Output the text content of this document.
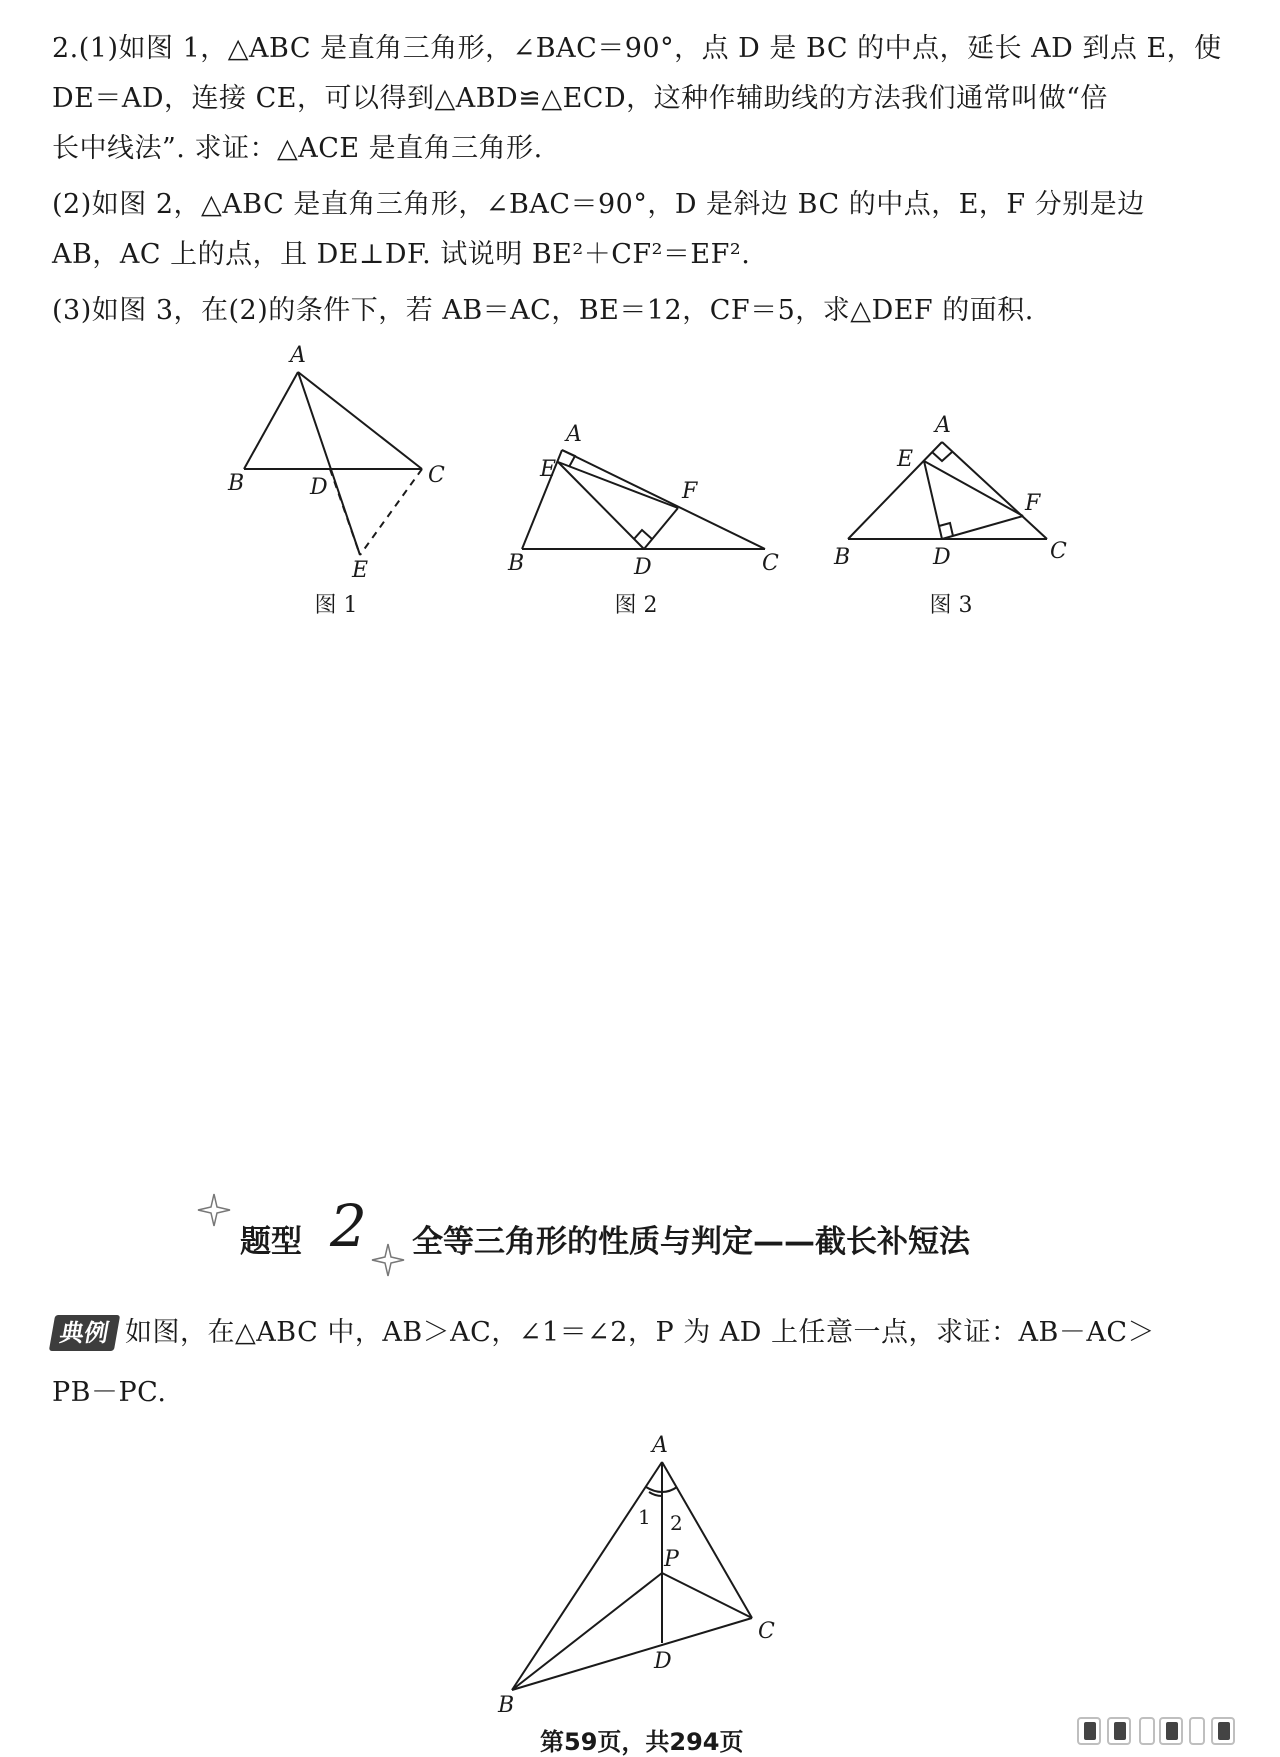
2.(1)如图 1，△ABC 是直角三角形，∠BAC＝90°，点 D 是 BC 的中点，延长 AD 到点 E，使
DE＝AD，连接 CE，可以得到△ABD≌△ECD，这种作辅助线的方法我们通常叫做“倍
长中线法”. 求证：△ACE 是直角三角形.
(2)如图 2，△ABC 是直角三角形，∠BAC＝90°，D 是斜边 BC 的中点，E，F 分别是边
AB，AC 上的点，且 DE⊥DF. 试说明 BE²＋CF²＝EF².
(3)如图 3，在(2)的条件下，若 AB＝AC，BE＝12，CF＝5，求△DEF 的面积.
A
B	C
D
E
图 1
A
E
F
B	D	C
图 2
A
E
F
B	D	C
图 3
题型 2 全等三角形的性质与判定——截长补短法
典例 如图，在△ABC 中，AB＞AC，∠1＝∠2，P 为 AD 上任意一点，求证：AB－AC＞
PB－PC.
A
1 2
P
C
D
B
第59页，共294页
